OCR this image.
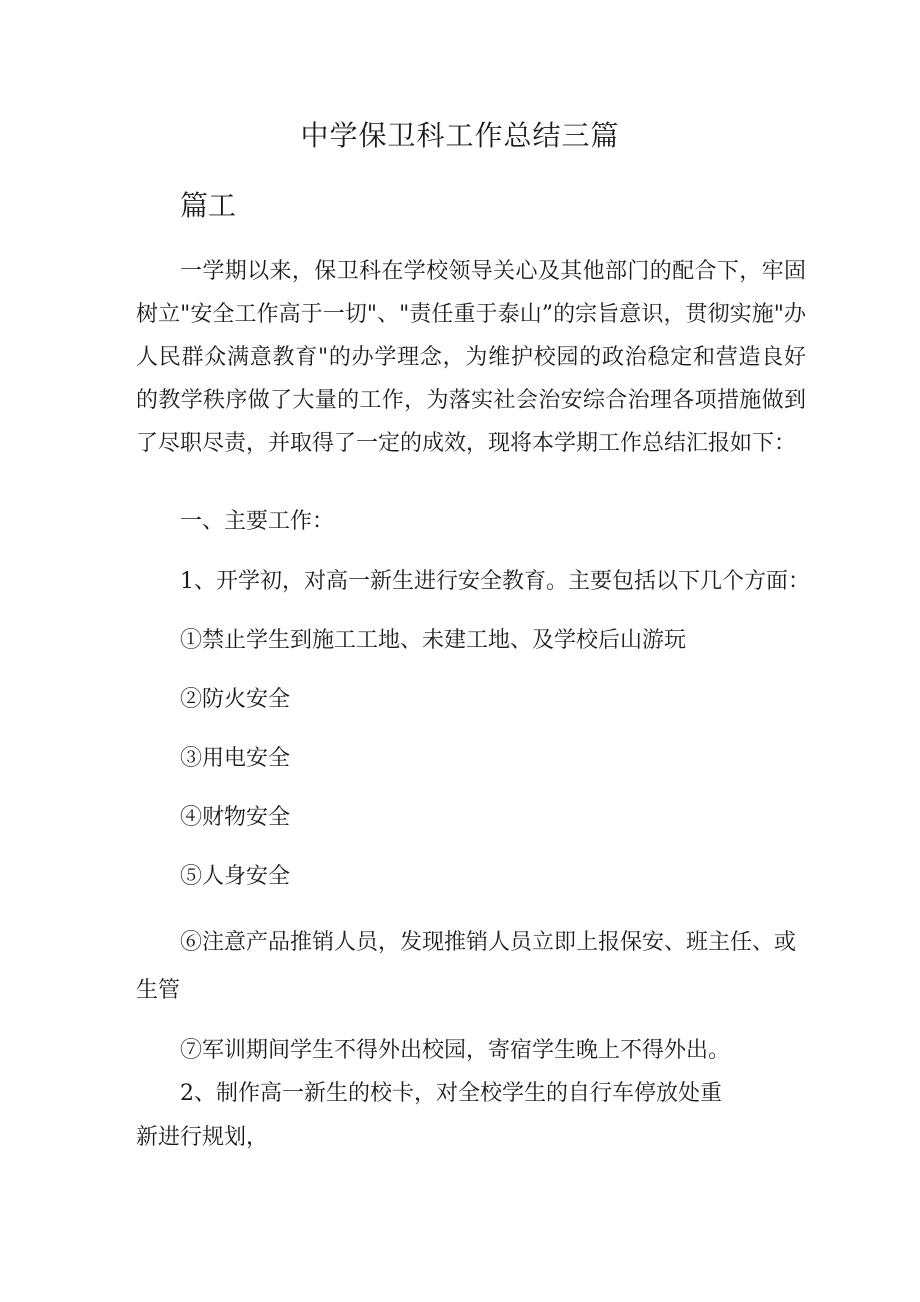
中学保卫科工作总结三篇
篇工

一学期以来，保卫科在学校领导关心及其他部门的配合下，牢固树立"安全工作高于一切"、"责任重于泰山”的宗旨意识，贯彻实施"办人民群众满意教育"的办学理念，为维护校园的政治稳定和营造良好的教学秩序做了大量的工作，为落实社会治安综合治理各项措施做到了尽职尽责，并取得了一定的成效，现将本学期工作总结汇报如下：

一、主要工作：
1、开学初，对高一新生进行安全教育。主要包括以下几个方面：
①禁止学生到施工工地、未建工地、及学校后山游玩
②防火安全
③用电安全
④财物安全
⑤人身安全

⑥注意产品推销人员，发现推销人员立即上报保安、班主任、或生管

⑦军训期间学生不得外出校园，寄宿学生晚上不得外出。

2、制作高一新生的校卡，对全校学生的自行车停放处重新进行规划，
